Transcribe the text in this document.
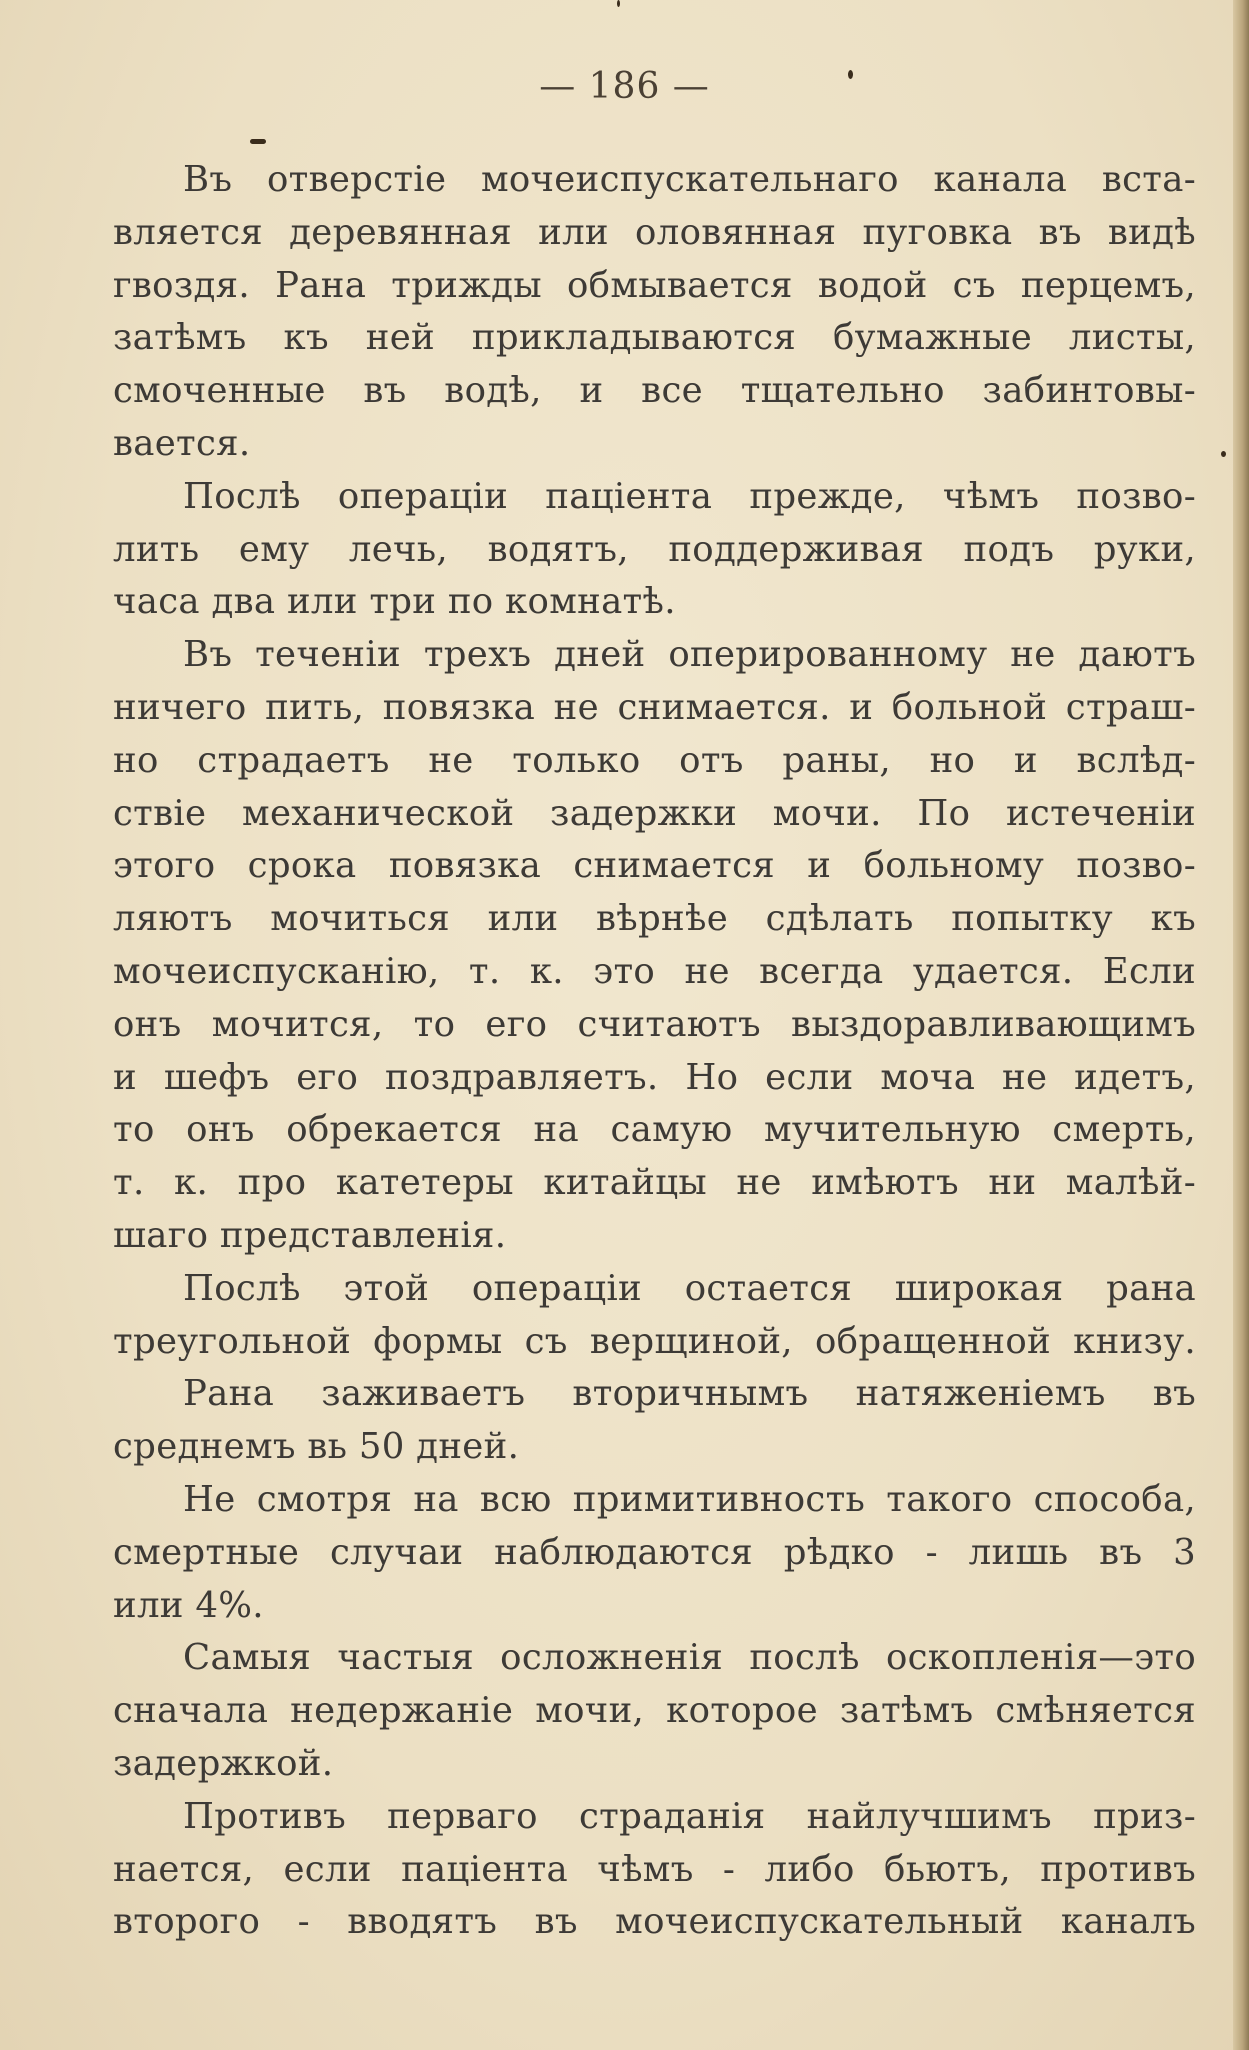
— 186 —
Въ отверстіе мочеиспускательнаго канала вста-
вляется деревянная или оловянная пуговка въ видѣ
гвоздя. Рана трижды обмывается водой съ перцемъ,
затѣмъ къ ней прикладываются бумажные листы,
смоченные въ водѣ, и все тщательно забинтовы-
вается.
Послѣ операціи паціента прежде, чѣмъ позво-
лить ему лечь, водятъ, поддерживая подъ руки,
часа два или три по комнатѣ.
Въ теченіи трехъ дней оперированному не даютъ
ничего пить, повязка не снимается. и больной страш-
но страдаетъ не только отъ раны, но и вслѣд-
ствіе механической задержки мочи. По истеченіи
этого срока повязка снимается и больному позво-
ляютъ мочиться или вѣрнѣе сдѣлать попытку къ
мочеиспусканію, т. к. это не всегда удается. Если
онъ мочится, то его считаютъ выздоравливающимъ
и шефъ его поздравляетъ. Но если моча не идетъ,
то онъ обрекается на самую мучительную смерть,
т. к. про катетеры китайцы не имѣютъ ни малѣй-
шаго представленія.
Послѣ этой операціи остается широкая рана
треугольной формы съ верщиной, обращенной книзу.
Рана заживаетъ вторичнымъ натяженіемъ въ
среднемъ вь 50 дней.
Не смотря на всю примитивность такого способа,
смертные случаи наблюдаются рѣдко - лишь въ 3
или 4%.
Самыя частыя осложненія послѣ оскопленія—это
сначала недержаніе мочи, которое затѣмъ смѣняется
задержкой.
Противъ перваго страданія найлучшимъ приз-
нается, если паціента чѣмъ - либо бьютъ, противъ
второго - вводятъ въ мочеиспускательный каналъ
